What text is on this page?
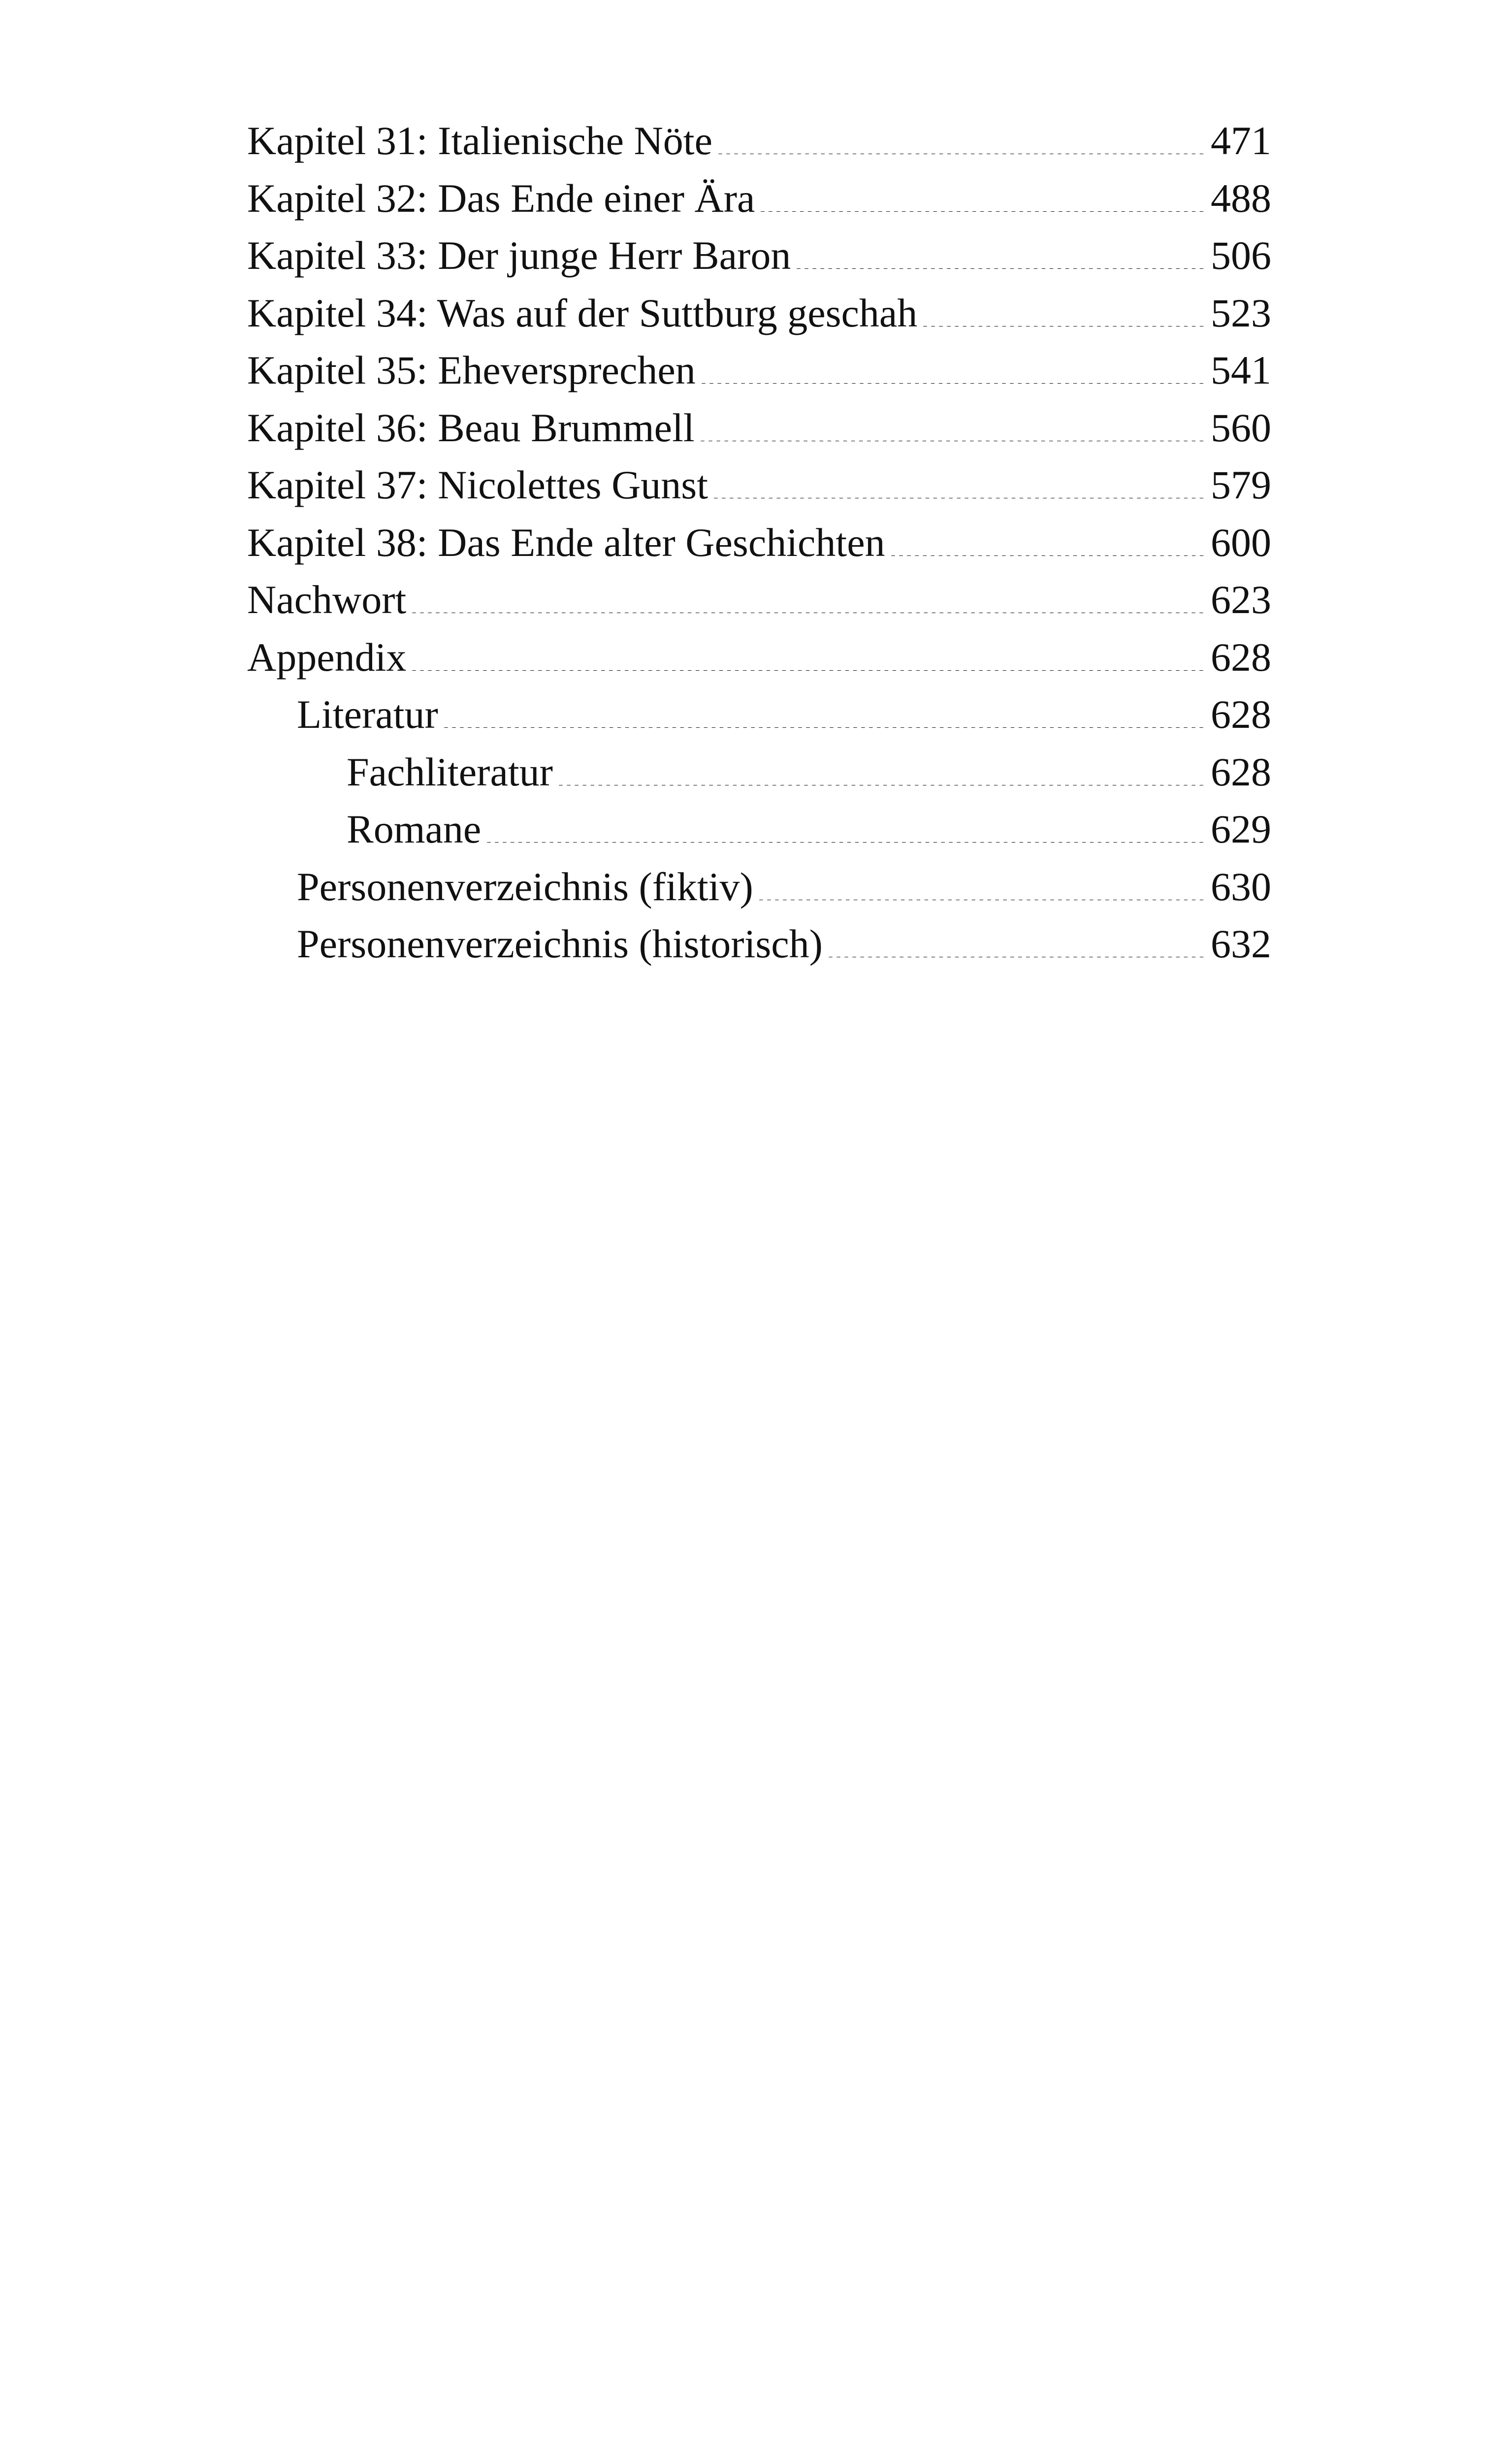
Kapitel 31: Italienische Nöte	471
Kapitel 32: Das Ende einer Ära	488
Kapitel 33: Der junge Herr Baron	506
Kapitel 34: Was auf der Suttburg geschah	523
Kapitel 35: Eheversprechen	541
Kapitel 36: Beau Brummell	560
Kapitel 37: Nicolettes Gunst	579
Kapitel 38: Das Ende alter Geschichten	600
Nachwort	623
Appendix	628
Literatur	628
Fachliteratur	628
Romane	629
Personenverzeichnis (fiktiv)	630
Personenverzeichnis (historisch)	632
